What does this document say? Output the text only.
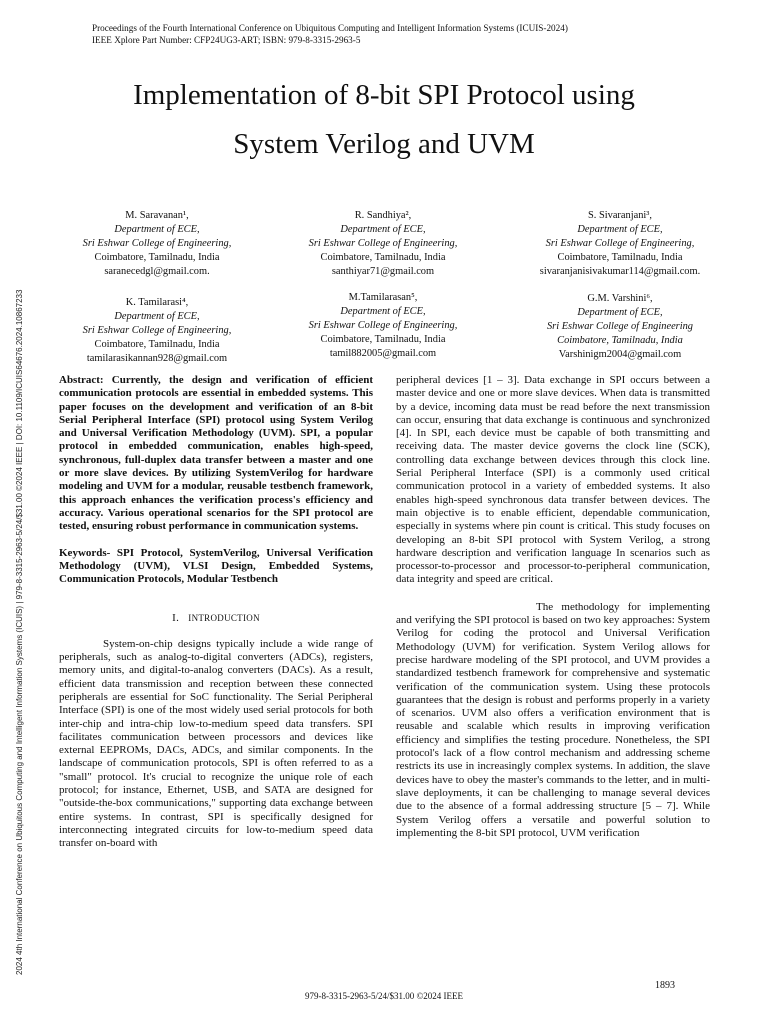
Proceedings of the Fourth International Conference on Ubiquitous Computing and Intelligent Information Systems (ICUIS-2024)
IEEE Xplore Part Number: CFP24UG3-ART; ISBN: 979-8-3315-2963-5
Implementation of 8-bit SPI Protocol using
System Verilog and UVM
M. Saravanan¹,
Department of ECE,
Sri Eshwar College of Engineering,
Coimbatore, Tamilnadu, India
saranecedgl@gmail.com.
R. Sandhiya²,
Department of ECE,
Sri Eshwar College of Engineering,
Coimbatore, Tamilnadu, India
santhiyar71@gmail.com
S. Sivaranjani³,
Department of ECE,
Sri Eshwar College of Engineering,
Coimbatore, Tamilnadu, India
sivaranjanisivakumar114@gmail.com.
K. Tamilarasi⁴,
Department of ECE,
Sri Eshwar College of Engineering,
Coimbatore, Tamilnadu, India
tamilarasikannan928@gmail.com
M.Tamilarasan⁵,
Department of ECE,
Sri Eshwar College of Engineering,
Coimbatore, Tamilnadu, India
tamil882005@gmail.com
G.M. Varshini⁶,
Department of ECE,
Sri Eshwar College of Engineering
Coimbatore, Tamilnadu, India
Varshinigm2004@gmail.com
2024 4th International Conference on Ubiquitous Computing and Intelligent Information Systems (ICUIS) | 979-8-3315-2963-5/24/$31.00 ©2024 IEEE | DOI: 10.1109/ICUIS64676.2024.10867233	Abstract: Currently, the design and verification of efficient communication protocols are essential in embedded systems. This paper focuses on the development and verification of an 8-bit Serial Peripheral Interface (SPI) protocol using System Verilog and Universal Verification Methodology (UVM). SPI, a popular protocol in embedded communication, enables high-speed, synchronous, full-duplex data transfer between a master and one or more slave devices. By utilizing SystemVerilog for hardware modeling and UVM for a modular, reusable testbench framework, this approach enhances the verification process's efficiency and accuracy. Various operational scenarios for the SPI protocol are tested, ensuring robust performance in communication systems.

Keywords- SPI Protocol, SystemVerilog, Universal Verification Methodology (UVM), VLSI Design, Embedded Systems, Communication Protocols, Modular Testbench

I. INTRODUCTION

System-on-chip designs typically include a wide range of peripherals, such as analog-to-digital converters (ADCs), registers, memory units, and digital-to-analog converters (DACs). As a result, efficient data transmission and reception between these connected peripherals are essential for SoC functionality. The Serial Peripheral Interface (SPI) is one of the most widely used serial protocols for both inter-chip and intra-chip low-to-medium speed data transfers. SPI facilitates communication between processors and devices like external EEPROMs, DACs, ADCs, and similar components. In the landscape of communication protocols, SPI is often referred to as a "small" protocol. It's crucial to recognize the unique role of each protocol; for instance, Ethernet, USB, and SATA are designed for "outside-the-box communications," supporting data exchange between entire systems. In contrast, SPI is specifically designed for interconnecting integrated circuits for low-to-medium speed data transfer on-board with

peripheral devices [1 – 3]. Data exchange in SPI occurs between a master device and one or more slave devices. When data is transmitted by a device, incoming data must be read before the next transmission can occur, ensuring that data exchange is continuous and synchronized [4]. In SPI, each device must be capable of both transmitting and receiving data. The master device governs the clock line (SCK), controlling data exchange between devices through this clock line. Serial Peripheral Interface (SPI) is a commonly used critical communication protocol in a variety of embedded systems. It also enables high-speed synchronous data transfer between devices. The main objective is to enable efficient, dependable communication, especially in systems where pin count is critical. This study focuses on developing an 8-bit SPI protocol with System Verilog, a strong hardware description and verification language In scenarios such as processor-to-processor and processor-to-peripheral communication, data integrity and speed are critical.

The methodology for implementing and verifying the SPI protocol is based on two key approaches: System Verilog for coding the protocol and Universal Verification Methodology (UVM) for verification. System Verilog allows for precise hardware modeling of the SPI protocol, and UVM provides a standardized testbench framework for comprehensive and systematic verification of the communication system. Using these protocols guarantees that the design is robust and performs properly in a variety of scenarios. UVM also offers a verification environment that is reusable and scalable which results in improving verification efficiency and simplifies the testing procedure. Nonetheless, the SPI protocol's lack of a flow control mechanism and addressing scheme restricts its use in increasingly complex systems. In addition, the slave devices have to obey the master's commands to the letter, and in multi-slave deployments, it can be challenging to manage several devices due to the absence of a formal addressing structure [5 – 7]. While System Verilog offers a versatile and powerful solution to implementing the 8-bit SPI protocol, UVM verification

1893
979-8-3315-2963-5/24/$31.00 ©2024 IEEE
